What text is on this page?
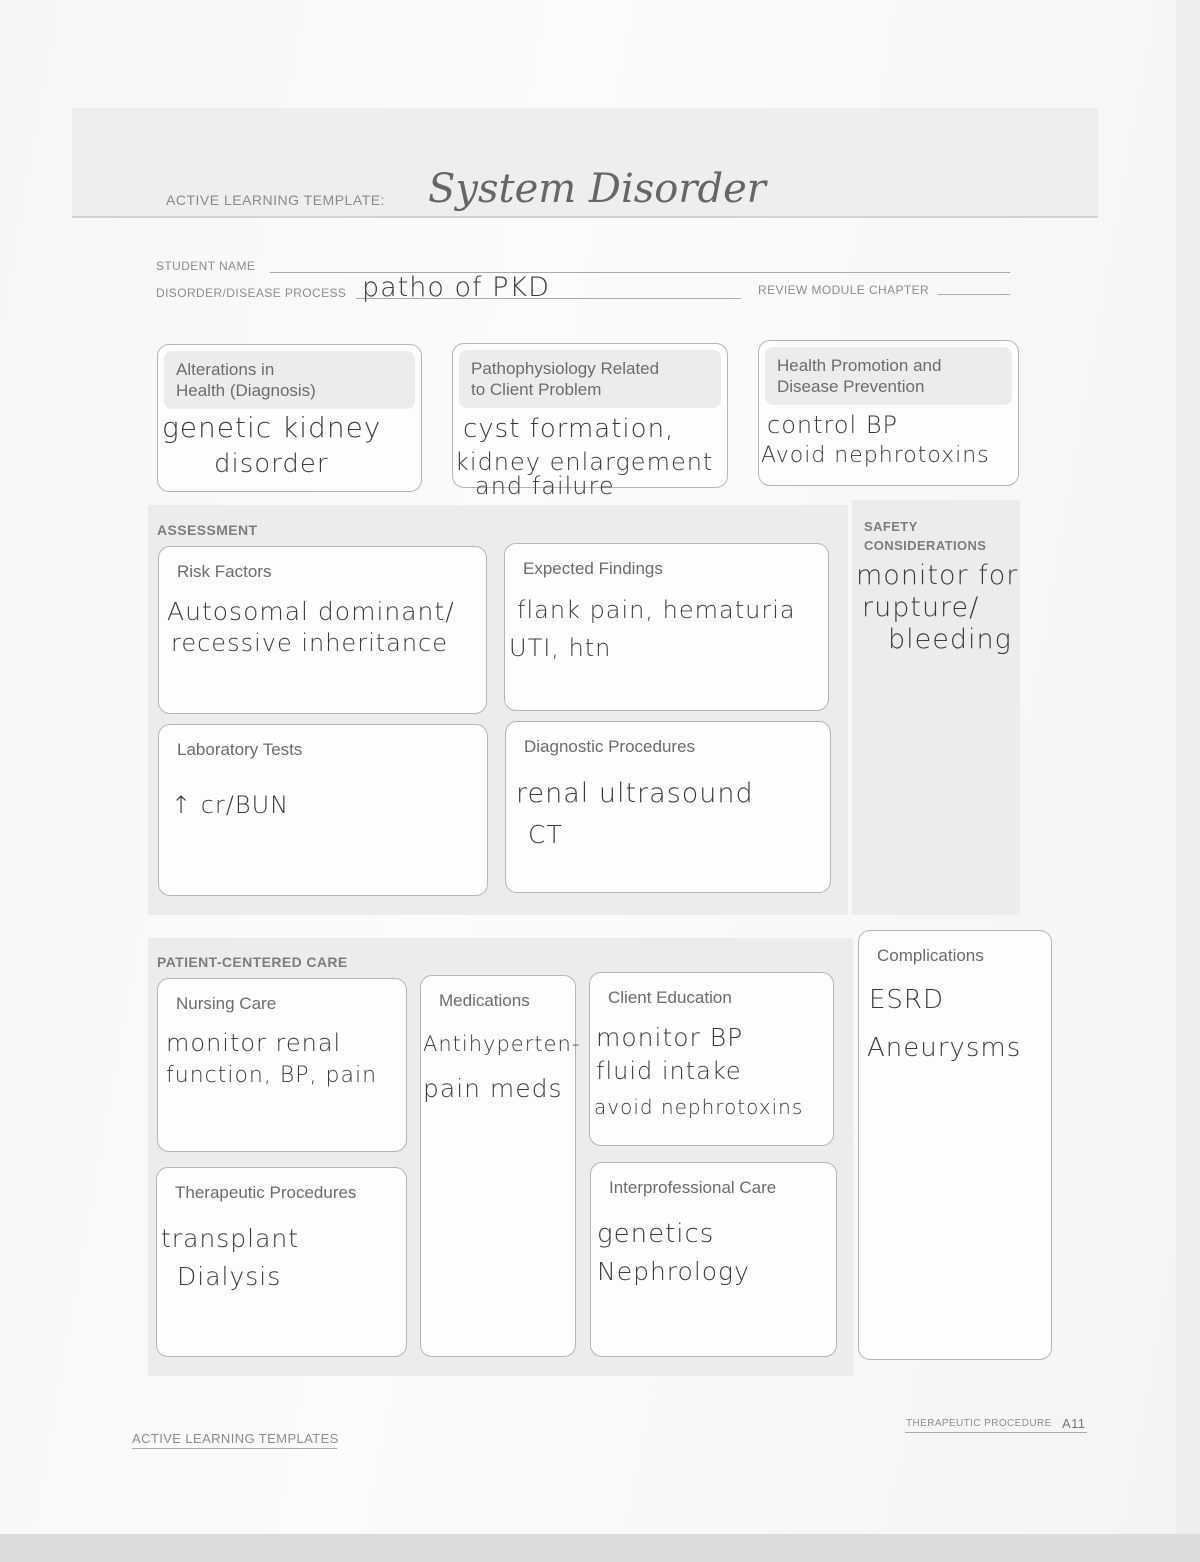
ACTIVE LEARNING TEMPLATE: System Disorder
STUDENT NAME
DISORDER/DISEASE PROCESS patho of PKD	REVIEW MODULE CHAPTER
Alterations in
Health (Diagnosis)
genetic kidney
disorder
Pathophysiology Related
to Client Problem
cyst formation,
kidney enlargement
and failure
Health Promotion and
Disease Prevention
control BP
Avoid nephrotoxins
ASSESSMENT	SAFETY
CONSIDERATIONS
monitor for
rupture/
bleeding
Risk Factors
Autosomal dominant/
recessive inheritance
Expected Findings
flank pain, hematuria
UTI, htn
Laboratory Tests
↑ cr/BUN
Diagnostic Procedures
renal ultrasound
CT
PATIENT-CENTERED CARE	Complications
ESRD
Aneurysms
Nursing Care
monitor renal
function, BP, pain
Medications
Antihyperten-
pain meds
Client Education
monitor BP
fluid intake
avoid nephrotoxins
Therapeutic Procedures
transplant
Dialysis
Interprofessional Care
genetics
Nephrology
ACTIVE LEARNING TEMPLATES
THERAPEUTIC PROCEDURE A11
